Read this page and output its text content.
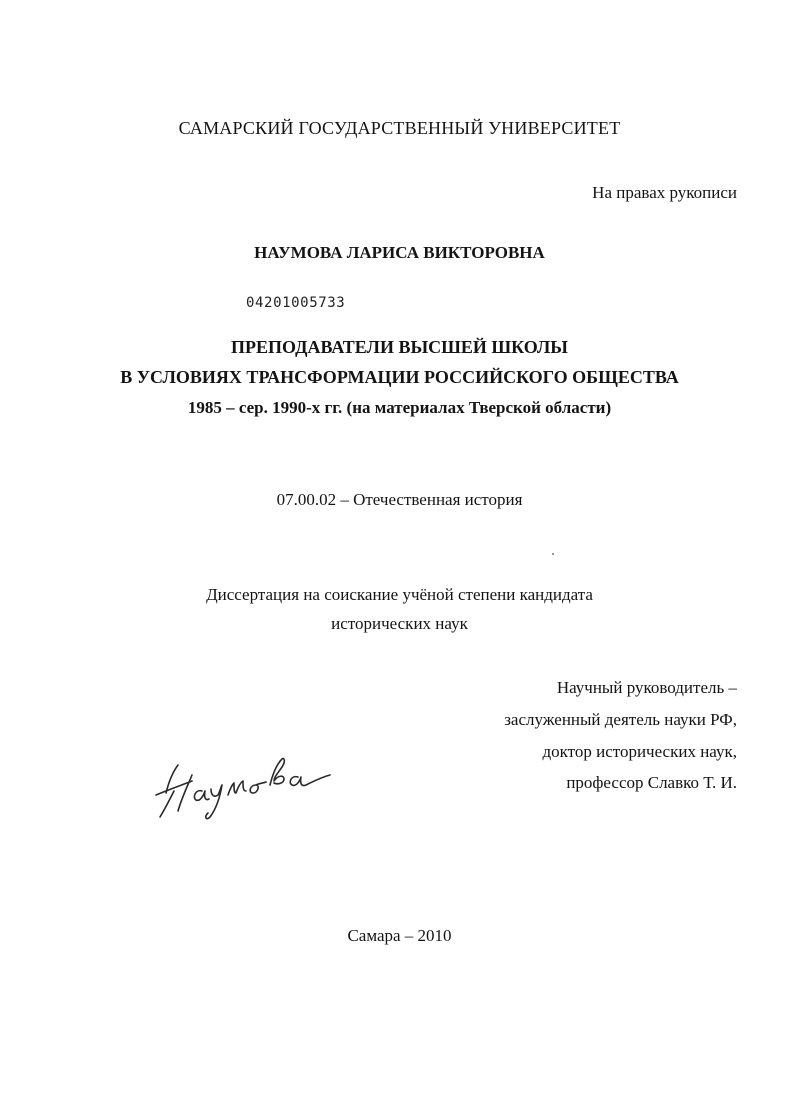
САМАРСКИЙ ГОСУДАРСТВЕННЫЙ УНИВЕРСИТЕТ

На правах рукописи

НАУМОВА ЛАРИСА ВИКТОРОВНА

04201005733

ПРЕПОДАВАТЕЛИ ВЫСШЕЙ ШКОЛЫ

В УСЛОВИЯХ ТРАНСФОРМАЦИИ РОССИЙСКОГО ОБЩЕСТВА

1985 – сер. 1990-х гг. (на материалах Тверской области)

07.00.02 – Отечественная история

Диссертация на соискание учёной степени кандидата

исторических наук

Научный руководитель –

заслуженный деятель науки РФ,

доктор исторических наук,

профессор Славко Т. И.

Самара – 2010
